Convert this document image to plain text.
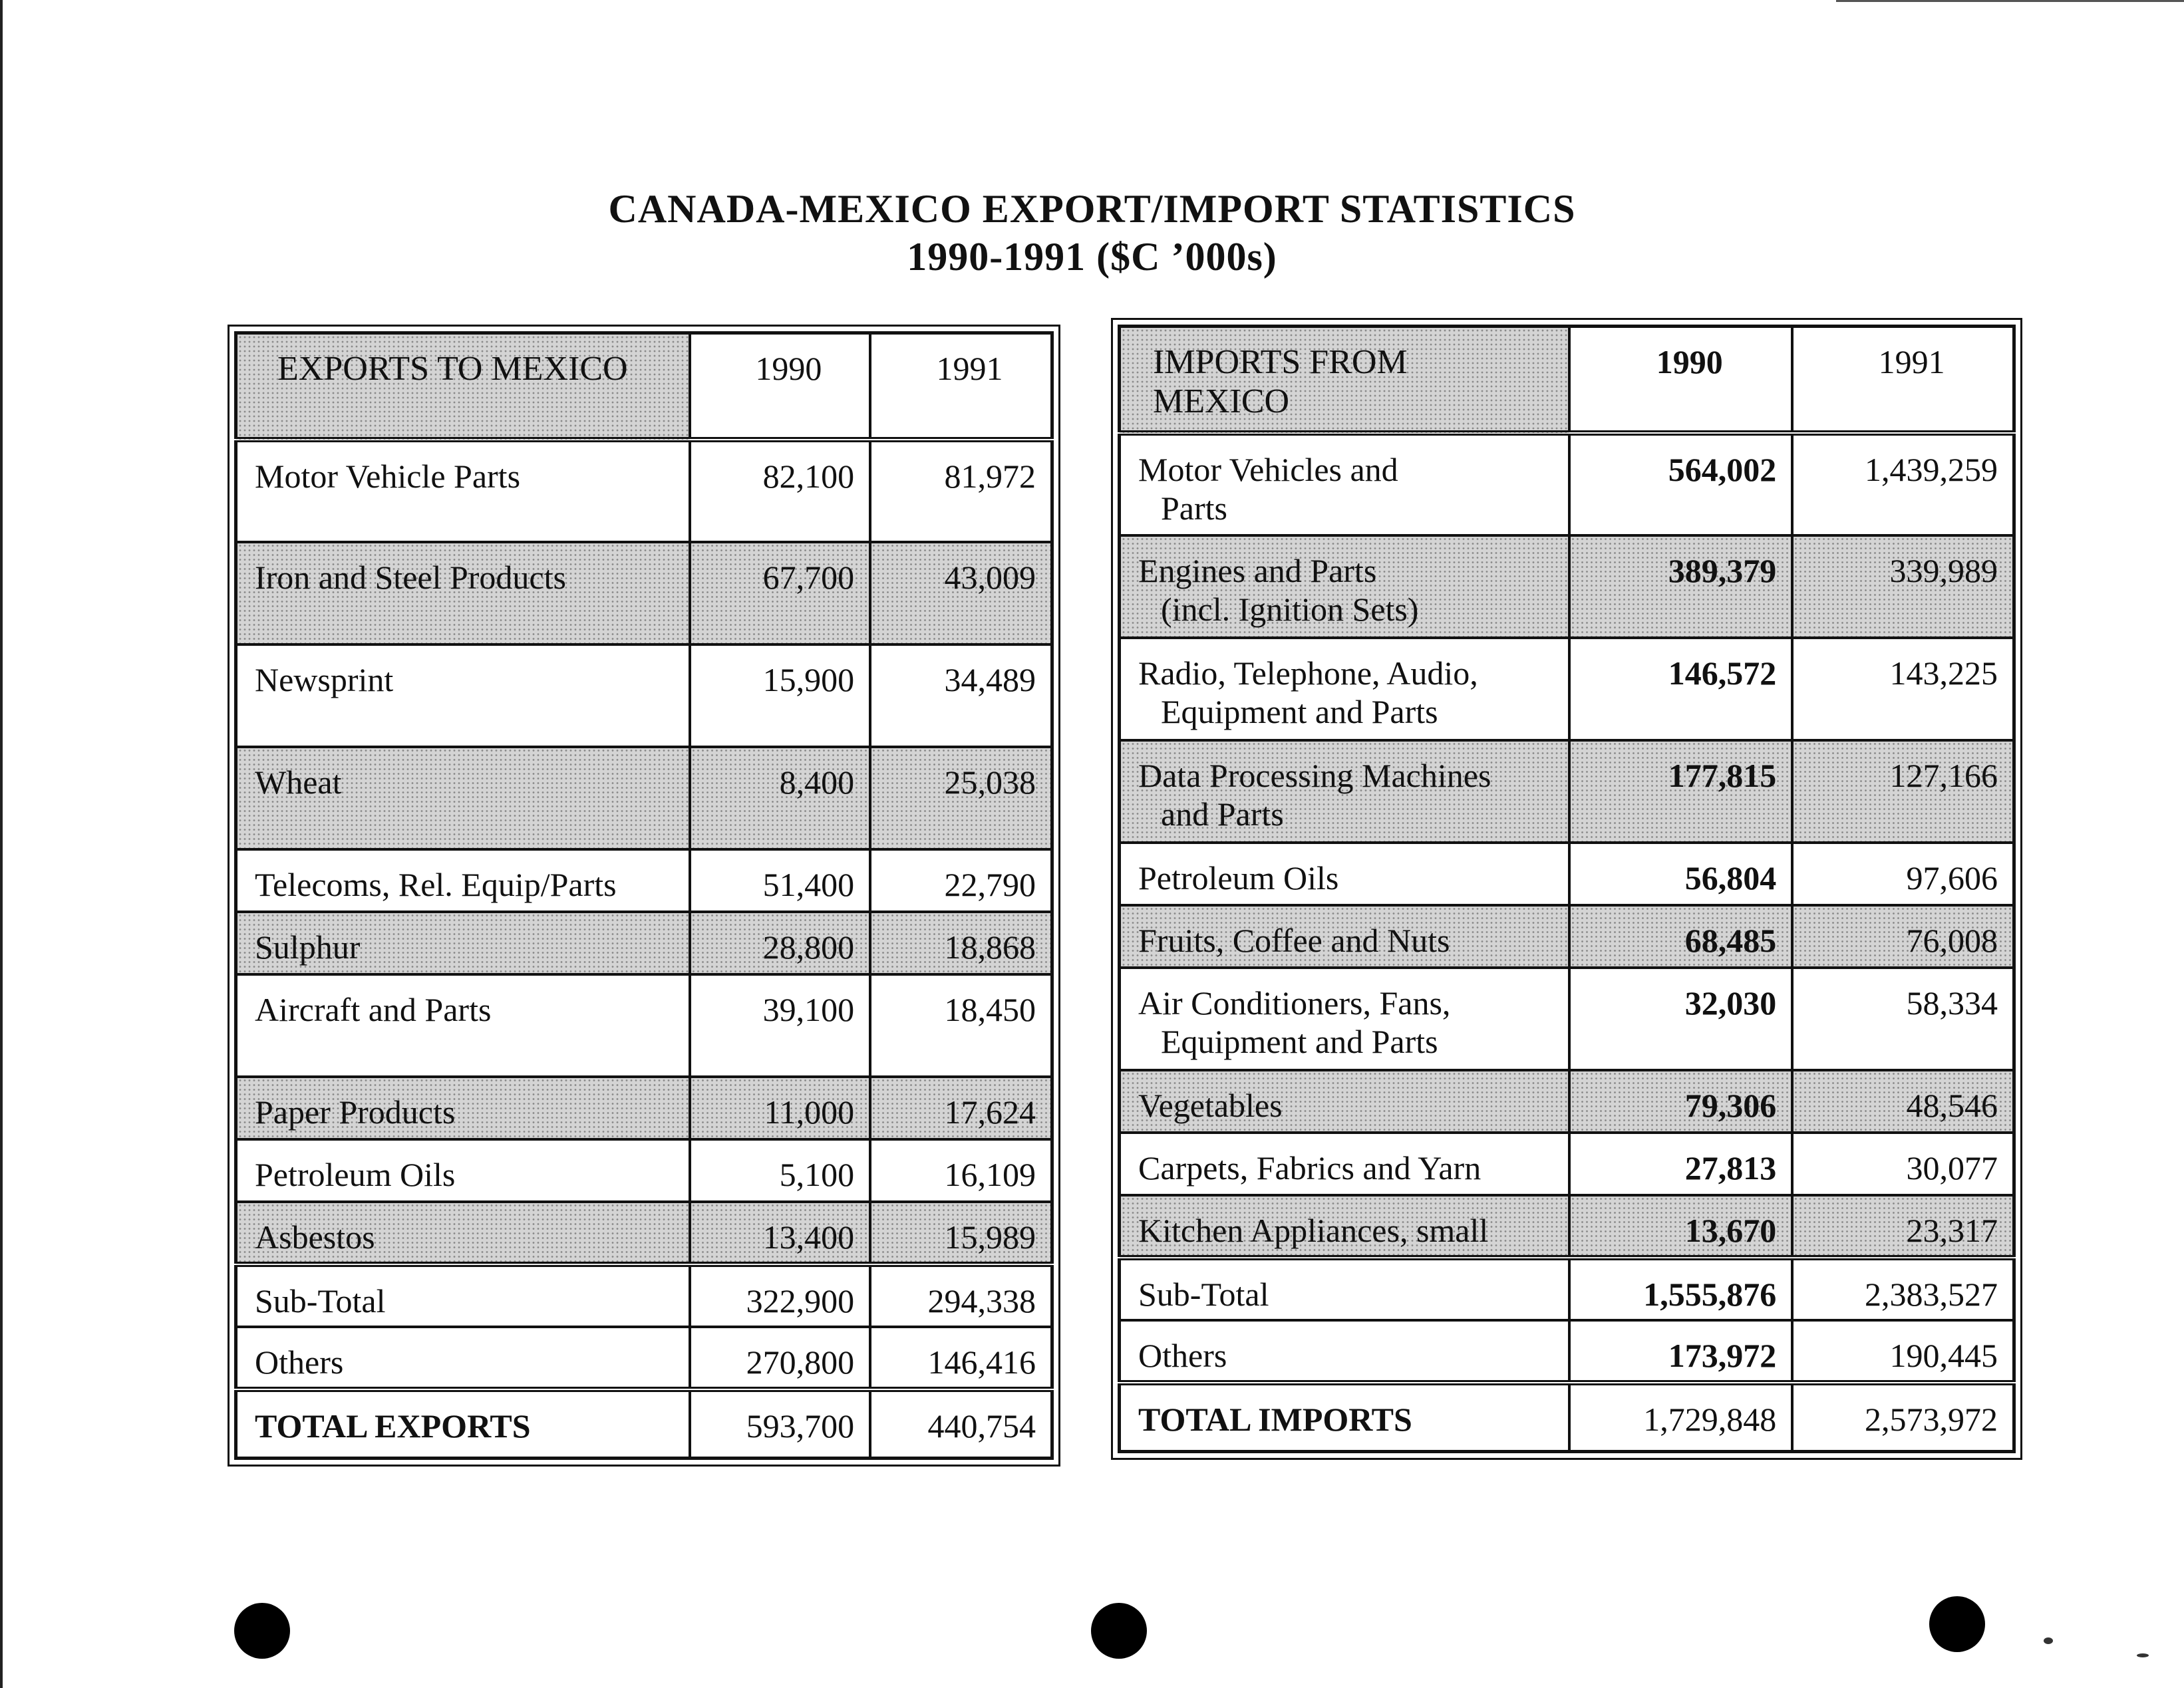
CANADA-MEXICO EXPORT/IMPORT STATISTICS
1990-1991 ($C ’000s)
EXPORTS TO MEXICO	1990	1991
Motor Vehicle Parts	82,100	81,972
Iron and Steel Products	67,700	43,009
Newsprint	15,900	34,489
Wheat	8,400	25,038
Telecoms, Rel. Equip/Parts	51,400	22,790
Sulphur	28,800	18,868
Aircraft and Parts	39,100	18,450
Paper Products	11,000	17,624
Petroleum Oils	5,100	16,109
Asbestos	13,400	15,989
Sub-Total	322,900	294,338
Others	270,800	146,416
TOTAL EXPORTS	593,700	440,754
IMPORTS FROM
MEXICO	1990	1991
Motor Vehicles and
Parts	564,002	1,439,259
Engines and Parts
(incl. Ignition Sets)	389,379	339,989
Radio, Telephone, Audio,
Equipment and Parts	146,572	143,225
Data Processing Machines
and Parts	177,815	127,166
Petroleum Oils	56,804	97,606
Fruits, Coffee and Nuts	68,485	76,008
Air Conditioners, Fans,
Equipment and Parts	32,030	58,334
Vegetables	79,306	48,546
Carpets, Fabrics and Yarn	27,813	30,077
Kitchen Appliances, small	13,670	23,317
Sub-Total	1,555,876	2,383,527
Others	173,972	190,445
TOTAL IMPORTS	1,729,848	2,573,972
